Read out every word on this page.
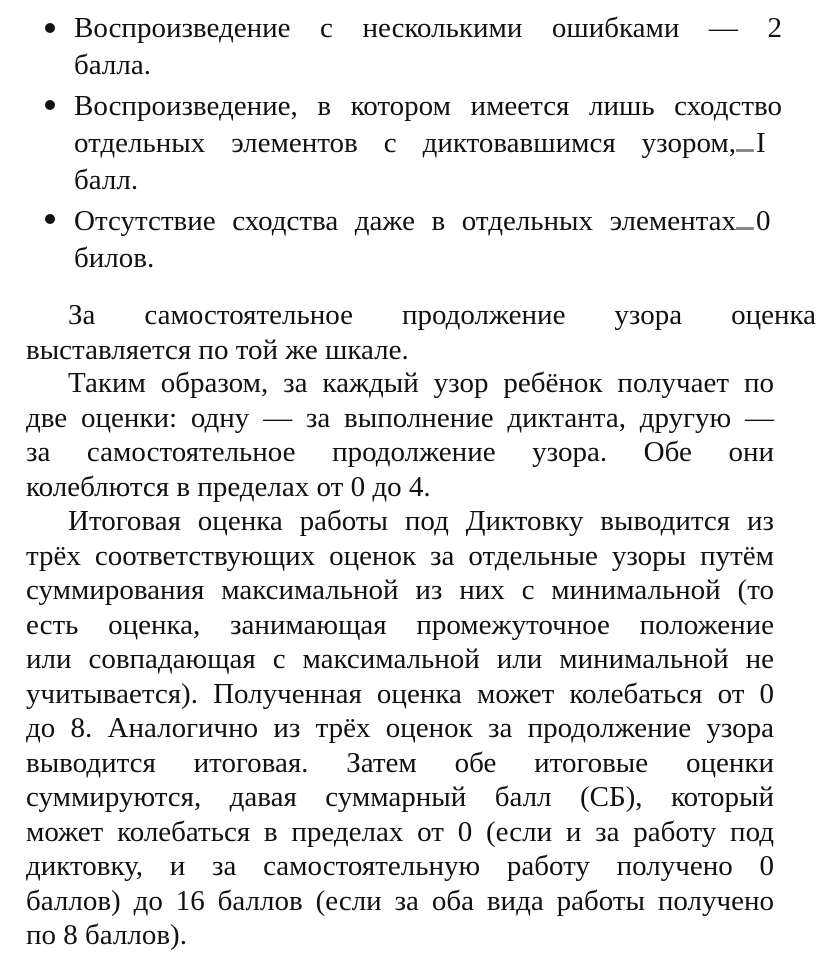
Воспроизведение с несколькими ошибками — 2
балла.
Воспроизведение, в котором имеется лишь сходство
отдельных элементов с диктовавшимся узором, I
балл.
Отсутствие сходства даже в отдельных элементах 0
билов.
За самостоятельное продолжение узора оценка
выставляется по той же шкале.
Таким образом, за каждый узор ребёнок получает по
две оценки: одну — за выполнение диктанта, другую —
за самостоятельное продолжение узора. Обе они
колеблются в пределах от 0 до 4.
Итоговая оценка работы под Диктовку выводится из
трёх соответствующих оценок за отдельные узоры путём
суммирования максимальной из них с минимальной (то
есть оценка, занимающая промежуточное положение
или совпадающая с максимальной или минимальной не
учитывается). Полученная оценка может колебаться от 0
до 8. Аналогично из трёх оценок за продолжение узора
выводится итоговая. Затем обе итоговые оценки
суммируются, давая суммарный балл (СБ), который
может колебаться в пределах от 0 (если и за работу под
диктовку, и за самостоятельную работу получено 0
баллов) до 16 баллов (если за оба вида работы получено
по 8 баллов).
